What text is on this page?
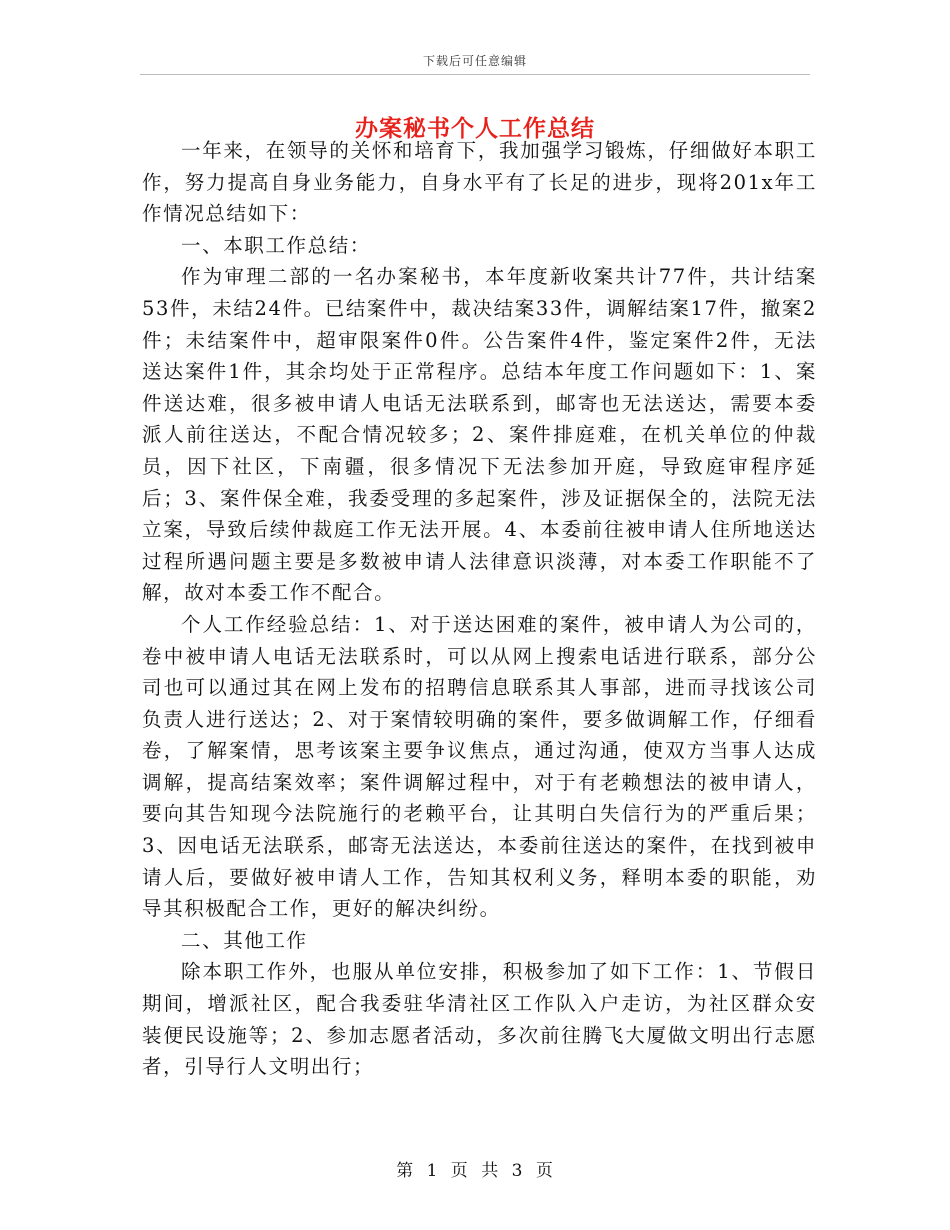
下载后可任意编辑
办案秘书个人工作总结

一年来，在领导的关怀和培育下，我加强学习锻炼，仔细做好本职工作，努力提高自身业务能力，自身水平有了长足的进步，现将201x年工作情况总结如下：

一、本职工作总结：

作为审理二部的一名办案秘书，本年度新收案共计77件，共计结案53件，未结24件。已结案件中，裁决结案33件，调解结案17件，撤案2件；未结案件中，超审限案件0件。公告案件4件，鉴定案件2件，无法送达案件1件，其余均处于正常程序。总结本年度工作问题如下：1、案件送达难，很多被申请人电话无法联系到，邮寄也无法送达，需要本委派人前往送达，不配合情况较多；2、案件排庭难，在机关单位的仲裁员，因下社区，下南疆，很多情况下无法参加开庭，导致庭审程序延后；3、案件保全难，我委受理的多起案件，涉及证据保全的，法院无法立案，导致后续仲裁庭工作无法开展。4、本委前往被申请人住所地送达过程所遇问题主要是多数被申请人法律意识淡薄，对本委工作职能不了解，故对本委工作不配合。

个人工作经验总结：1、对于送达困难的案件，被申请人为公司的，卷中被申请人电话无法联系时，可以从网上搜索电话进行联系，部分公司也可以通过其在网上发布的招聘信息联系其人事部，进而寻找该公司负责人进行送达；2、对于案情较明确的案件，要多做调解工作，仔细看卷，了解案情，思考该案主要争议焦点，通过沟通，使双方当事人达成调解，提高结案效率；案件调解过程中，对于有老赖想法的被申请人，要向其告知现今法院施行的老赖平台，让其明白失信行为的严重后果；3、因电话无法联系，邮寄无法送达，本委前往送达的案件，在找到被申请人后，要做好被申请人工作，告知其权利义务，释明本委的职能，劝导其积极配合工作，更好的解决纠纷。

二、其他工作

除本职工作外，也服从单位安排，积极参加了如下工作：1、节假日期间，增派社区，配合我委驻华清社区工作队入户走访，为社区群众安装便民设施等；2、参加志愿者活动，多次前往腾飞大厦做文明出行志愿者，引导行人文明出行；

第 1 页 共 3 页
